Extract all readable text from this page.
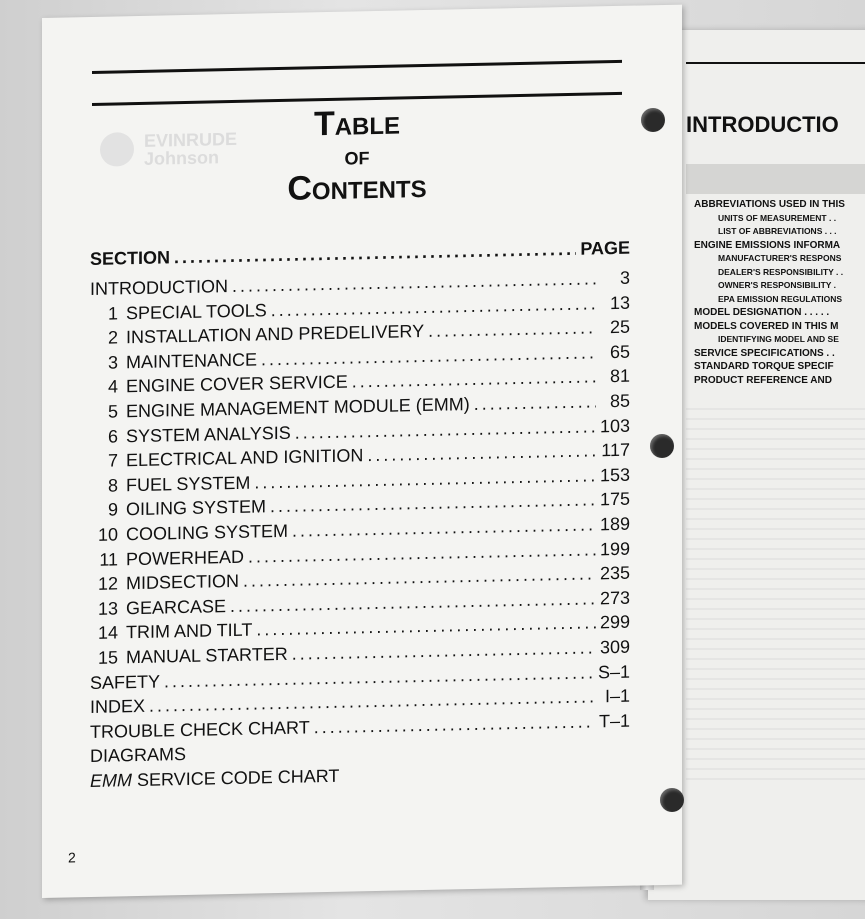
INTRODUCTIO
ABBREVIATIONS USED IN THIS
UNITS OF MEASUREMENT . .
LIST OF ABBREVIATIONS . . .
ENGINE EMISSIONS INFORMA
MANUFACTURER'S RESPONS
DEALER'S RESPONSIBILITY . .
OWNER'S RESPONSIBILITY .
EPA EMISSION REGULATIONS
MODEL DESIGNATION . . . . .
MODELS COVERED IN THIS M
IDENTIFYING MODEL AND SE
SERVICE SPECIFICATIONS . .
STANDARD TORQUE SPECIF
PRODUCT REFERENCE AND
EVINRUDE
Johnson
Table
of
Contents
SECTION .....	PAGE
INTRODUCTION .....	3
1 SPECIAL TOOLS .....	13
2 INSTALLATION AND PREDELIVERY .....	25
3 MAINTENANCE .....	65
4 ENGINE COVER SERVICE .....	81
5 ENGINE MANAGEMENT MODULE (EMM) .....	85
6 SYSTEM ANALYSIS .....	103
7 ELECTRICAL AND IGNITION .....	117
8 FUEL SYSTEM .....	153
9 OILING SYSTEM .....	175
10 COOLING SYSTEM .....	189
11 POWERHEAD .....	199
12 MIDSECTION .....	235
13 GEARCASE .....	273
14 TRIM AND TILT .....	299
15 MANUAL STARTER .....	309
SAFETY .....	S–1
INDEX .....	I–1
TROUBLE CHECK CHART .....	T–1
DIAGRAMS
EMM SERVICE CODE CHART
2
